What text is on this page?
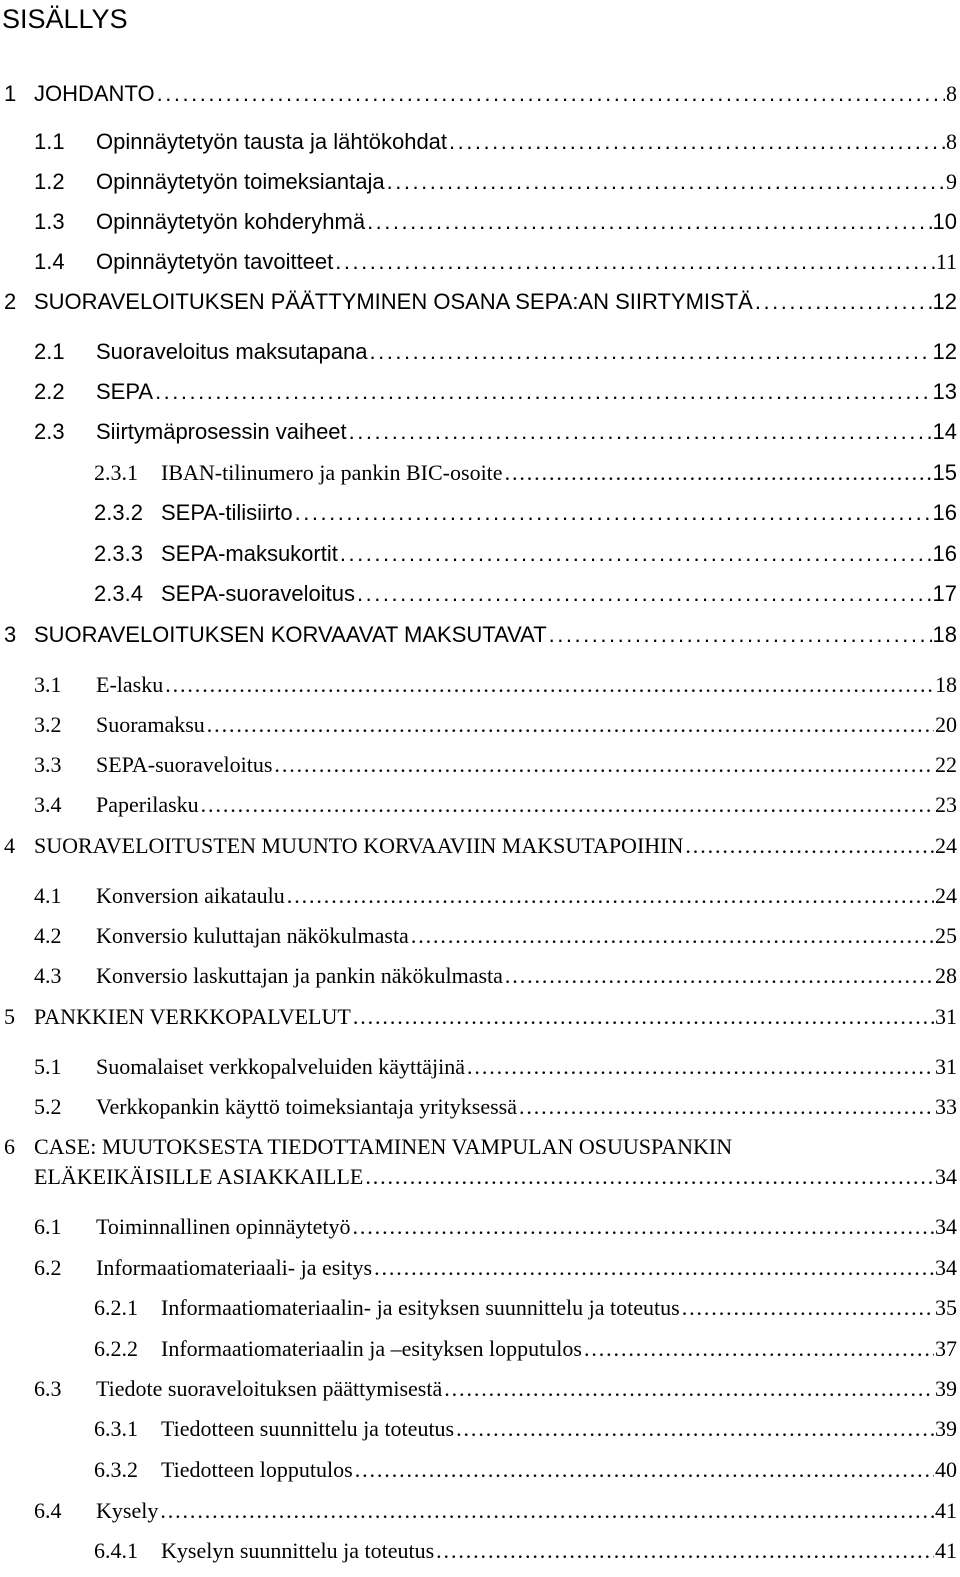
SISÄLLYS
1 JOHDANTO . . .	8
1.1 Opinnäytetyön tausta ja lähtökohdat . . .	8
1.2 Opinnäytetyön toimeksiantaja . . .	9
1.3 Opinnäytetyön kohderyhmä . . .	10
1.4 Opinnäytetyön tavoitteet . . .	11
2 SUORAVELOITUKSEN PÄÄTTYMINEN OSANA SEPA:AN SIIRTYMISTÄ . . .	12
2.1 Suoraveloitus maksutapana . . .	12
2.2 SEPA . . .	13
2.3 Siirtymäprosessin vaiheet . . .	14
2.3.1 IBAN-tilinumero ja pankin BIC-osoite . . .	15
2.3.2 SEPA-tilisiirto . . .	16
2.3.3 SEPA-maksukortit . . .	16
2.3.4 SEPA-suoraveloitus . . .	17
3 SUORAVELOITUKSEN KORVAAVAT MAKSUTAVAT . . .	18
3.1 E-lasku . . .	18
3.2 Suoramaksu . . .	20
3.3 SEPA-suoraveloitus . . .	22
3.4 Paperilasku . . .	23
4 SUORAVELOITUSTEN MUUNTO KORVAAVIIN MAKSUTAPOIHIN . . .	24
4.1 Konversion aikataulu . . .	24
4.2 Konversio kuluttajan näkökulmasta . . .	25
4.3 Konversio laskuttajan ja pankin näkökulmasta . . .	28
5 PANKKIEN VERKKOPALVELUT . . .	31
5.1 Suomalaiset verkkopalveluiden käyttäjinä . . .	31
5.2 Verkkopankin käyttö toimeksiantaja yrityksessä . . .	33
6 CASE: MUUTOKSESTA TIEDOTTAMINEN VAMPULAN OSUUSPANKIN
ELÄKEIKÄISILLE ASIAKKAILLE . . .	34
6.1 Toiminnallinen opinnäytetyö . . .	34
6.2 Informaatiomateriaali- ja esitys . . .	34
6.2.1 Informaatiomateriaalin- ja esityksen suunnittelu ja toteutus . . .	35
6.2.2 Informaatiomateriaalin ja –esityksen lopputulos . . .	37
6.3 Tiedote suoraveloituksen päättymisestä . . .	39
6.3.1 Tiedotteen suunnittelu ja toteutus . . .	39
6.3.2 Tiedotteen lopputulos . . .	40
6.4 Kysely . . .	41
6.4.1 Kyselyn suunnittelu ja toteutus . . .	41
